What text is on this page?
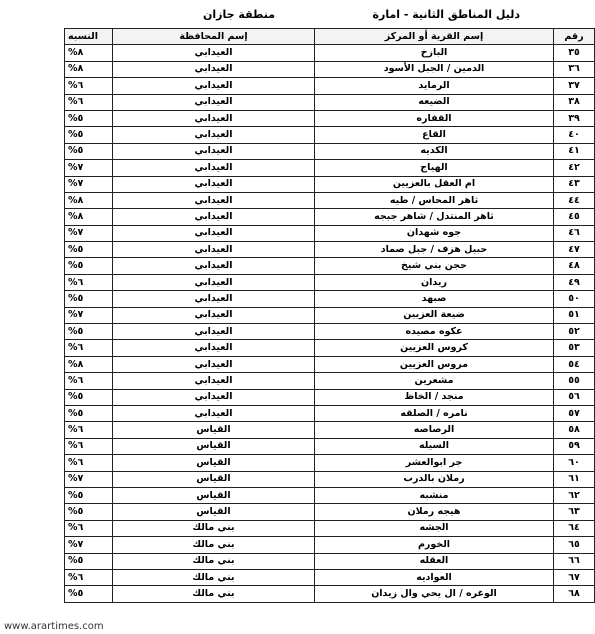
دليل المناطق الثانية - امارة
منطقة جازان
رقم	إسم القرية أو المركز	إسم المحافظة	النسبه
٣٥	البازخ	العيدابي	٨%
٣٦	الدمين / الجبل الأسود	العيدابي	٨%
٣٧	الرمايد	العيدابي	٦%
٣٨	الضيعه	العيدابي	٦%
٣٩	القفاره	العيدابي	٥%
٤٠	القاع	العيدابي	٥%
٤١	الكديه	العيدابي	٥%
٤٢	الهياج	العيدابي	٧%
٤٣	ام العقل بالعزيين	العيدابي	٧%
٤٤	ثاهر المحاس / طيه	العيدابي	٨%
٤٥	ثاهر المنتدل / شاهر جبجه	العيدابي	٨%
٤٦	جوه شهدان	العيدابي	٧%
٤٧	حبيل هزف / جبل صماد	العيدابي	٥%
٤٨	حجن بني شيخ	العيدابي	٥%
٤٩	ريدان	العيدابي	٦%
٥٠	صبهد	العيدابي	٥%
٥١	ضيعة العزيين	العيدابي	٧%
٥٢	عكوه مصيده	العيدابي	٥%
٥٣	كروس العزيين	العيدابي	٦%
٥٤	مروس العزيين	العيدابي	٨%
٥٥	مشعرين	العيدابي	٦%
٥٦	منجد / الخاظ	العيدابي	٥%
٥٧	نامره / الصلقه	العيدابي	٥%
٥٨	الرصاصه	القياس	٦%
٥٩	السيله	القياس	٦%
٦٠	جر ابوالعشر	القياس	٦%
٦١	رملان بالدرب	القياس	٧%
٦٢	منشبه	القياس	٥%
٦٣	هيجه رملان	القياس	٥%
٦٤	الجشه	بني مالك	٦%
٦٥	الخورم	بني مالك	٧%
٦٦	العقله	بني مالك	٥%
٦٧	العواديه	بني مالك	٦%
٦٨	الوغره / ال يحي وال زيدان	بني مالك	٥%
www.arartimes.com
